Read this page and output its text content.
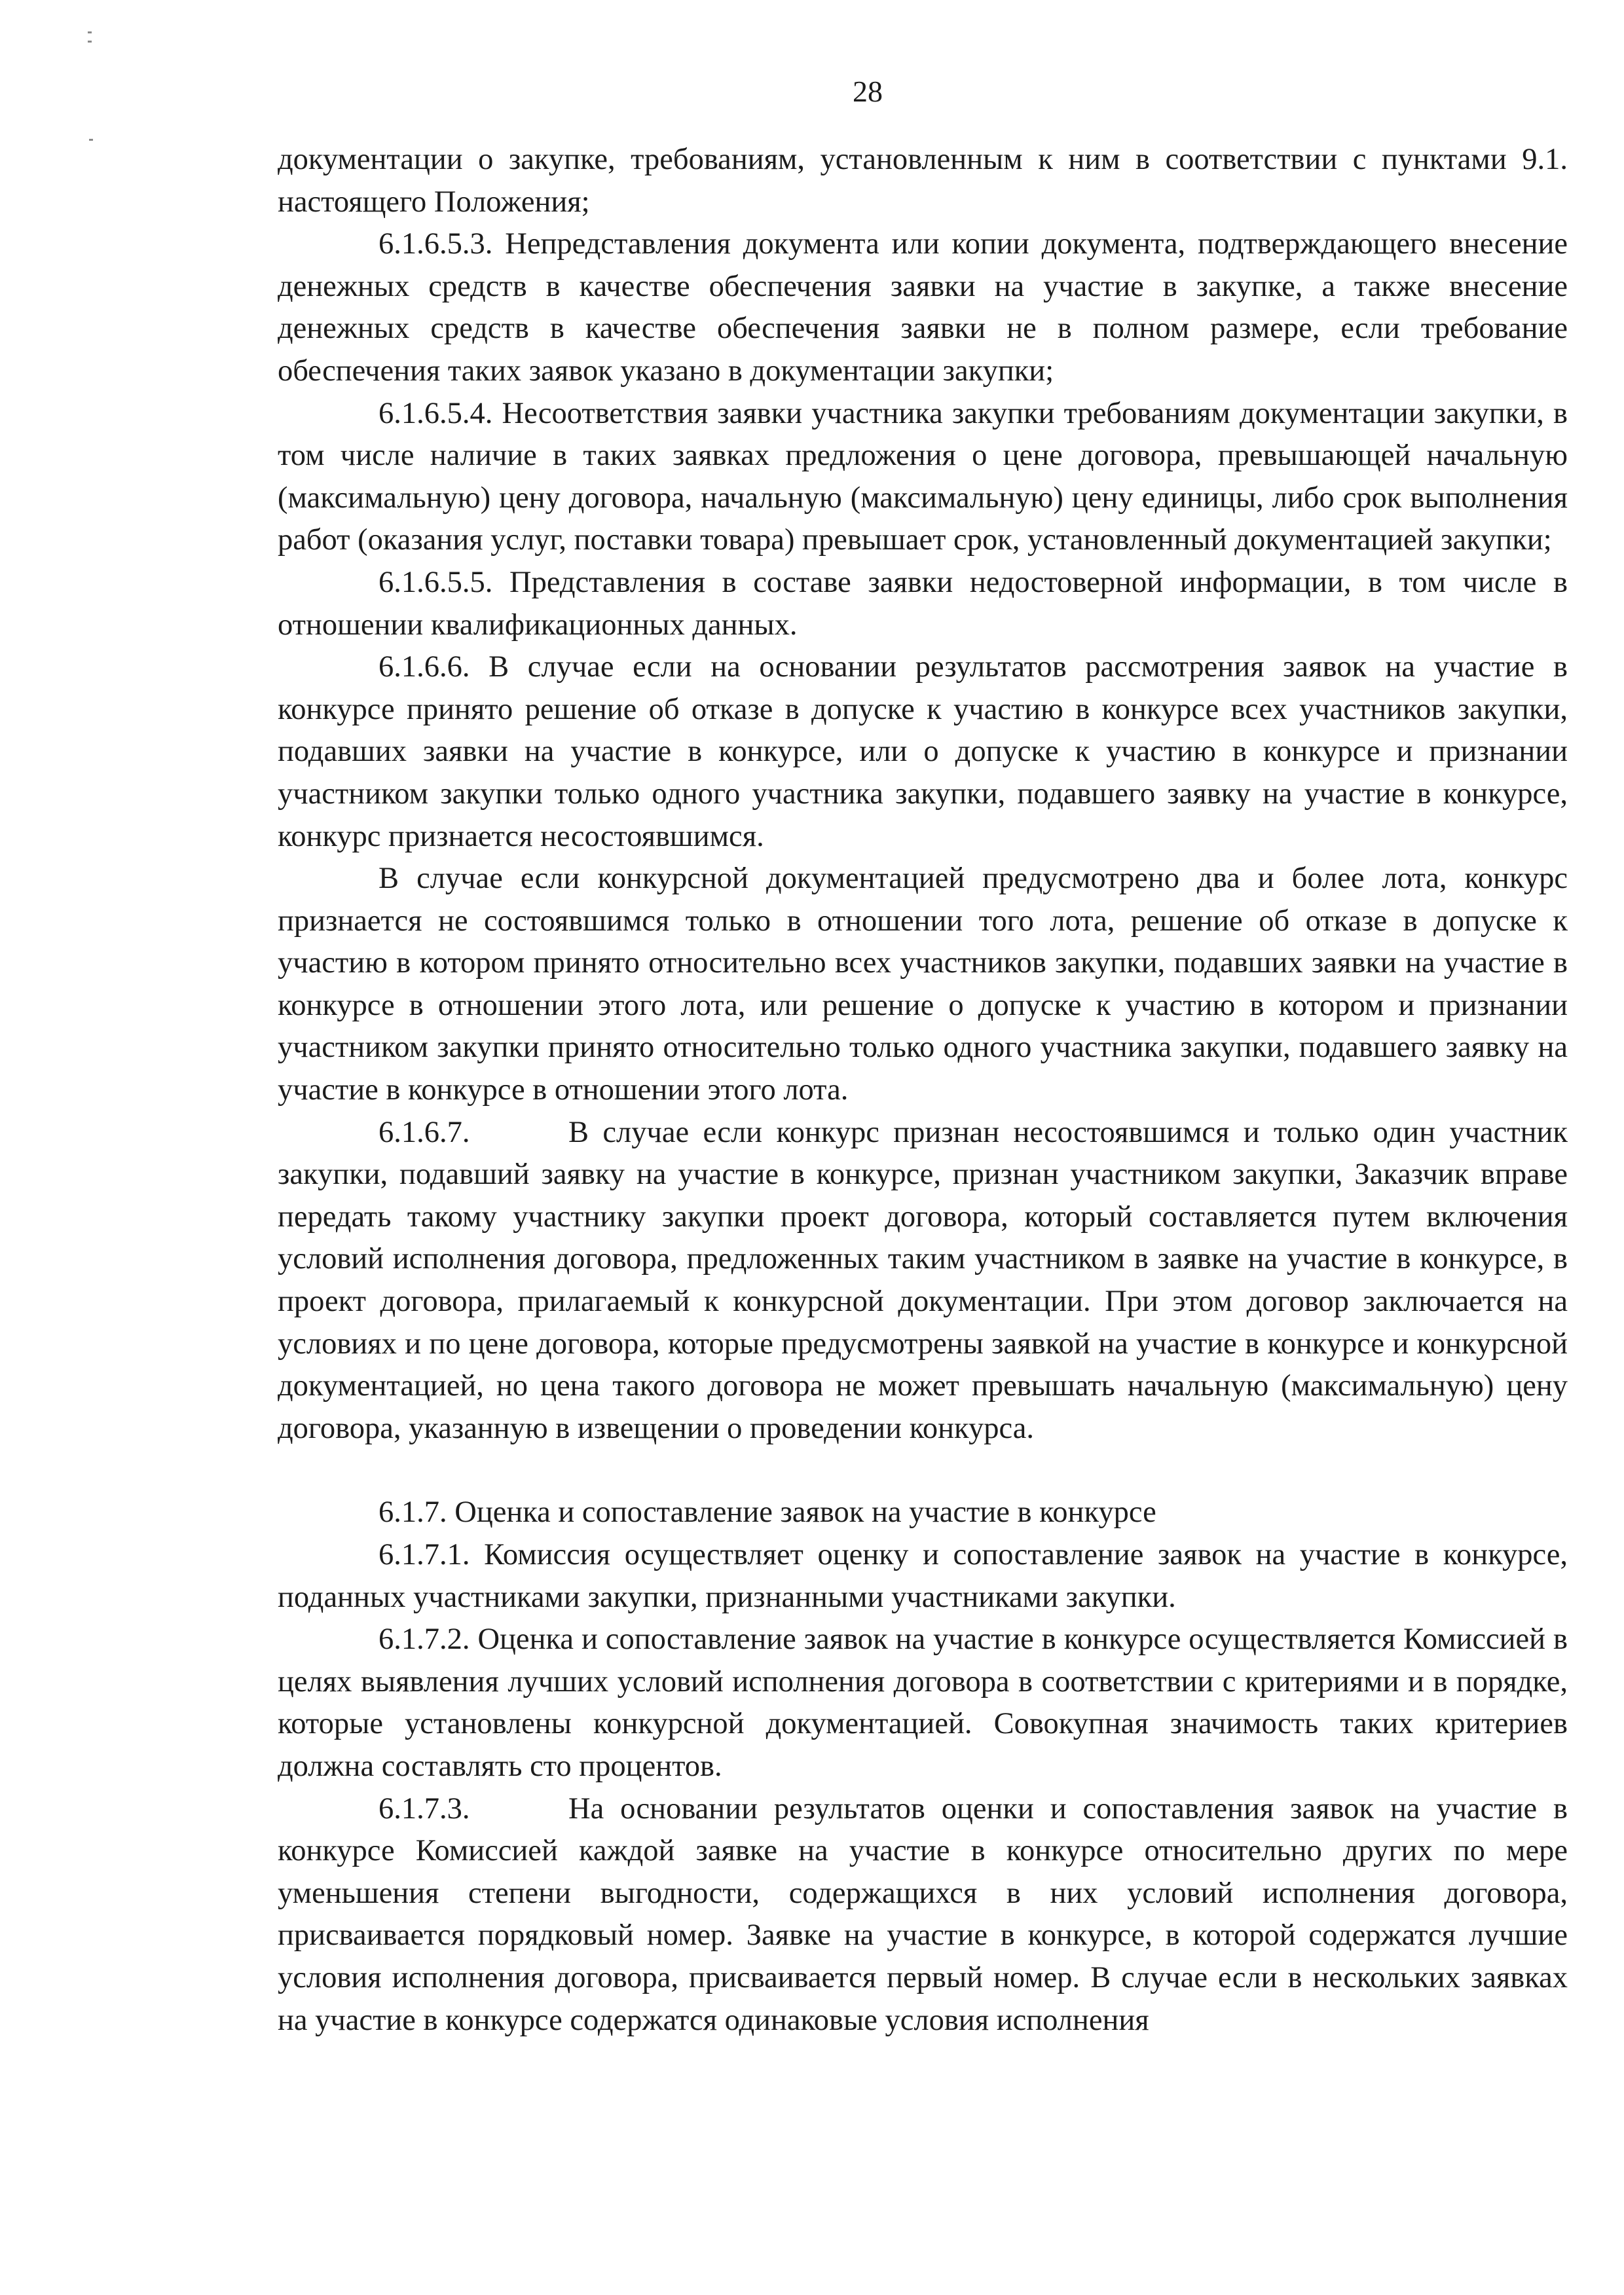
28

документации о закупке, требованиям, установленным к ним в соответствии с пунктами 9.1. настоящего Положения;

6.1.6.5.3. Непредставления документа или копии документа, подтверждающего внесение денежных средств в качестве обеспечения заявки на участие в закупке, а также внесение денежных средств в качестве обеспечения заявки не в полном размере, если требование обеспечения таких заявок указано в документации закупки;

6.1.6.5.4. Несоответствия заявки участника закупки требованиям документации закупки, в том числе наличие в таких заявках предложения о цене договора, превышающей начальную (максимальную) цену договора, начальную (максимальную) цену единицы, либо срок выполнения работ (оказания услуг, поставки товара) превышает срок, установленный документацией закупки;

6.1.6.5.5. Представления в составе заявки недостоверной информации, в том числе в отношении квалификационных данных.

6.1.6.6. В случае если на основании результатов рассмотрения заявок на участие в конкурсе принято решение об отказе в допуске к участию в конкурсе всех участников закупки, подавших заявки на участие в конкурсе, или о допуске к участию в конкурсе и признании участником закупки только одного участника закупки, подавшего заявку на участие в конкурсе, конкурс признается несостоявшимся.

В случае если конкурсной документацией предусмотрено два и более лота, конкурс признается не состоявшимся только в отношении того лота, решение об отказе в допуске к участию в котором принято относительно всех участников закупки, подавших заявки на участие в конкурсе в отношении этого лота, или решение о допуске к участию в котором и признании участником закупки принято относительно только одного участника закупки, подавшего заявку на участие в конкурсе в отношении этого лота.

6.1.6.7.	В случае если конкурс признан несостоявшимся и только один участник закупки, подавший заявку на участие в конкурсе, признан участником закупки, Заказчик вправе передать такому участнику закупки проект договора, который составляется путем включения условий исполнения договора, предложенных таким участником в заявке на участие в конкурсе, в проект договора, прилагаемый к конкурсной документации. При этом договор заключается на условиях и по цене договора, которые предусмотрены заявкой на участие в конкурсе и конкурсной документацией, но цена такого договора не может превышать начальную (максимальную) цену договора, указанную в извещении о проведении конкурса.

6.1.7. Оценка и сопоставление заявок на участие в конкурсе

6.1.7.1. Комиссия осуществляет оценку и сопоставление заявок на участие в конкурсе, поданных участниками закупки, признанными участниками закупки.

6.1.7.2. Оценка и сопоставление заявок на участие в конкурсе осуществляется Комиссией в целях выявления лучших условий исполнения договора в соответствии с критериями и в порядке, которые установлены конкурсной документацией. Совокупная значимость таких критериев должна составлять сто процентов.

6.1.7.3.	На основании результатов оценки и сопоставления заявок на участие в конкурсе Комиссией каждой заявке на участие в конкурсе относительно других по мере уменьшения степени выгодности, содержащихся в них условий исполнения договора, присваивается порядковый номер. Заявке на участие в конкурсе, в которой содержатся лучшие условия исполнения договора, присваивается первый номер. В случае если в нескольких заявках на участие в конкурсе содержатся одинаковые условия исполнения
